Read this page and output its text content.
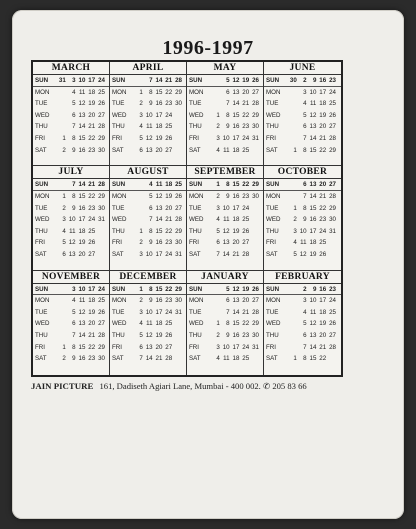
1996-1997
MARCH
SUN	31	3 10 17 24
MON	4 11 18 25
TUE	5 12 19 26
WED	6 13 20 27
THU	7 14 21 28
FRI	1	8 15 22 29
SAT	2	9 16 23 30
APRIL
SUN	7 14 21 28
MON	1	8 15 22 29
TUE	2	9 16 23 30
WED	3 10 17 24
THU	4 11 18 25
FRI	5 12 19 26
SAT	6 13 20 27
MAY
SUN	5 12 19 26
MON	6 13 20 27
TUE	7 14 21 28
WED	1	8 15 22 29
THU	2	9 16 23 30
FRI	3 10 17 24 31
SAT	4 11 18 25
JUNE
SUN	30	2	9 16 23
MON	3 10 17 24
TUE	4 11 18 25
WED	5 12 19 26
THU	6 13 20 27
FRI	7 14 21 28
SAT	1	8 15 22 29
JULY
SUN	7 14 21 28
MON	1	8 15 22 29
TUE	2	9 16 23 30
WED	3 10 17 24 31
THU	4 11 18 25
FRI	5 12 19 26
SAT	6 13 20 27
AUGUST
SUN	4 11 18 25
MON	5 12 19 26
TUE	6 13 20 27
WED	7 14 21 28
THU	1	8 15 22 29
FRI	2	9 16 23 30
SAT	3 10 17 24 31
SEPTEMBER
SUN	1	8 15 22 29
MON	2	9 16 23 30
TUE	3 10 17 24
WED	4 11 18 25
THU	5 12 19 26
FRI	6 13 20 27
SAT	7 14 21 28
OCTOBER
SUN	6 13 20 27
MON	7 14 21 28
TUE	1	8 15 22 29
WED	2	9 16 23 30
THU	3 10 17 24 31
FRI	4 11 18 25
SAT	5 12 19 26
NOVEMBER
SUN	3 10 17 24
MON	4 11 18 25
TUE	5 12 19 26
WED	6 13 20 27
THU	7 14 21 28
FRI	1	8 15 22 29
SAT	2	9 16 23 30
DECEMBER
SUN	1	8 15 22 29
MON	2	9 16 23 30
TUE	3 10 17 24 31
WED	4 11 18 25
THU	5 12 19 26
FRI	6 13 20 27
SAT	7 14 21 28
JANUARY
SUN	5 12 19 26
MON	6 13 20 27
TUE	7 14 21 28
WED	1	8 15 22 29
THU	2	9 16 23 30
FRI	3 10 17 24 31
SAT	4 11 18 25
FEBRUARY
SUN	2	9 16 23
MON	3 10 17 24
TUE	4 11 18 25
WED	5 12 19 26
THU	6 13 20 27
FRI	7 14 21 28
SAT	1	8 15 22
JAIN PICTURE 161, Dadiseth Agiari Lane, Mumbai - 400 002. ✆ 205 83 66
